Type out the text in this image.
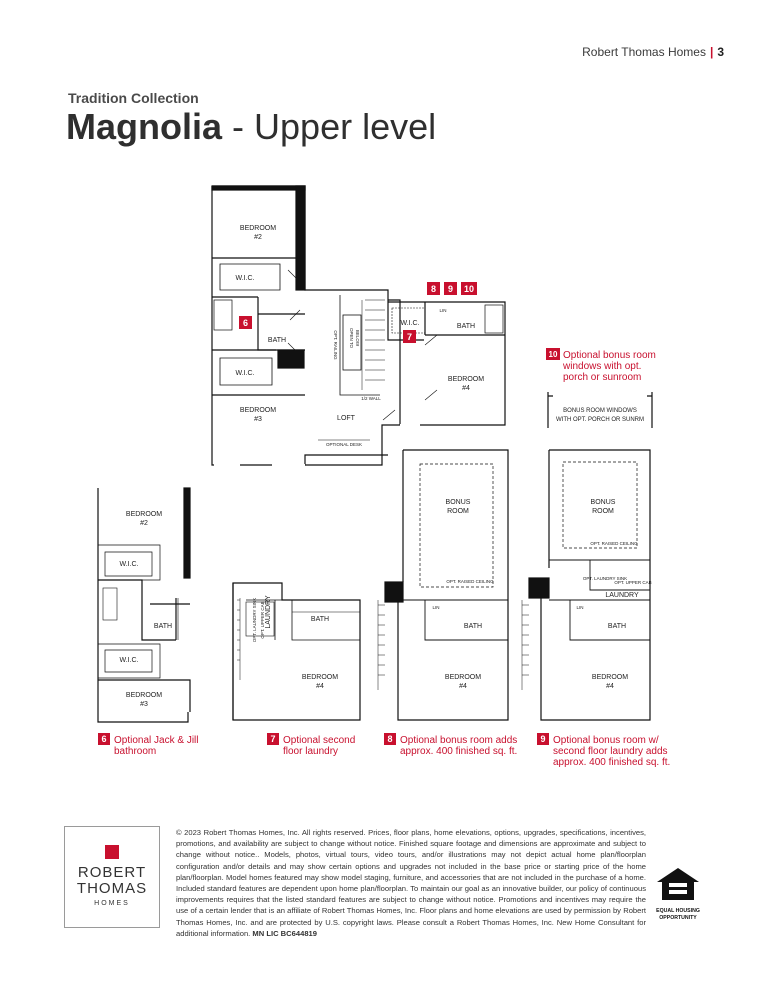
Robert Thomas Homes | 3
Tradition Collection
Magnolia - Upper level
BEDROOM
#2
W.I.C.
BATH
W.I.C.
BEDROOM
#3	LOFT
OPTIONAL DESK
OPT. RAILING OPEN TO BELOW
1/2 WALL
W.I.C.	BATH
BEDROOM
#4
LIN
BONUS ROOM WINDOWS
WITH OPT. PORCH OR SUNRM
BEDROOM
#2
W.I.C.
BATH
W.I.C.
BEDROOM
#3
LAUNDRY
OPT. UPPER CAB
OPT. LAUNDRY SINK	BATH
BEDROOM
#4
BONUS
ROOM
OPT. RAISED CEILING
LIN
BATH
BEDROOM
#4
BONUS
ROOM
OPT. RAISED CEILING
OPT. LAUNDRY SINK
OPT. UPPER CAB
LAUNDRY
LIN
BATH
BEDROOM
#4
8 9 10
6
7
10 Optional bonus room
windows with opt.
porch or sunroom
6 Optional Jack & Jill
bathroom
7 Optional second
floor laundry
8 Optional bonus room adds
approx. 400 finished sq. ft.
9 Optional bonus room w/
second floor laundry adds
approx. 400 finished sq. ft.
ROBERT
THOMAS
HOMES
© 2023 Robert Thomas Homes, Inc. All rights reserved. Prices, floor plans, home elevations, options, upgrades, specifications, incentives, promotions, and availability are subject to change without notice. Finished square footage and dimensions are approximate and subject to change without notice.. Models, photos, virtual tours, video tours, and/or illustrations may not depict actual home plan/floorplan configuration and/or details and may show certain options and upgrades not included in the base price or starting price of the home plan/floorplan. Model homes featured may show model staging, furniture, and accessories that are not included in the purchase of a home. Included standard features are dependent upon home plan/floorplan. To maintain our goal as an innovative builder, our policy of continuous improvements requires that the listed standard features are subject to change without notice. Promotions and incentives may require the use of a certain lender that is an affiliate of Robert Thomas Homes, Inc. Floor plans and home elevations are used by permission by Robert Thomas Homes, Inc. and are protected by U.S. copyright laws. Please consult a Robert Thomas Homes, Inc. New Home Consultant for additional information. MN LIC BC644819
EQUAL HOUSING
OPPORTUNITY
